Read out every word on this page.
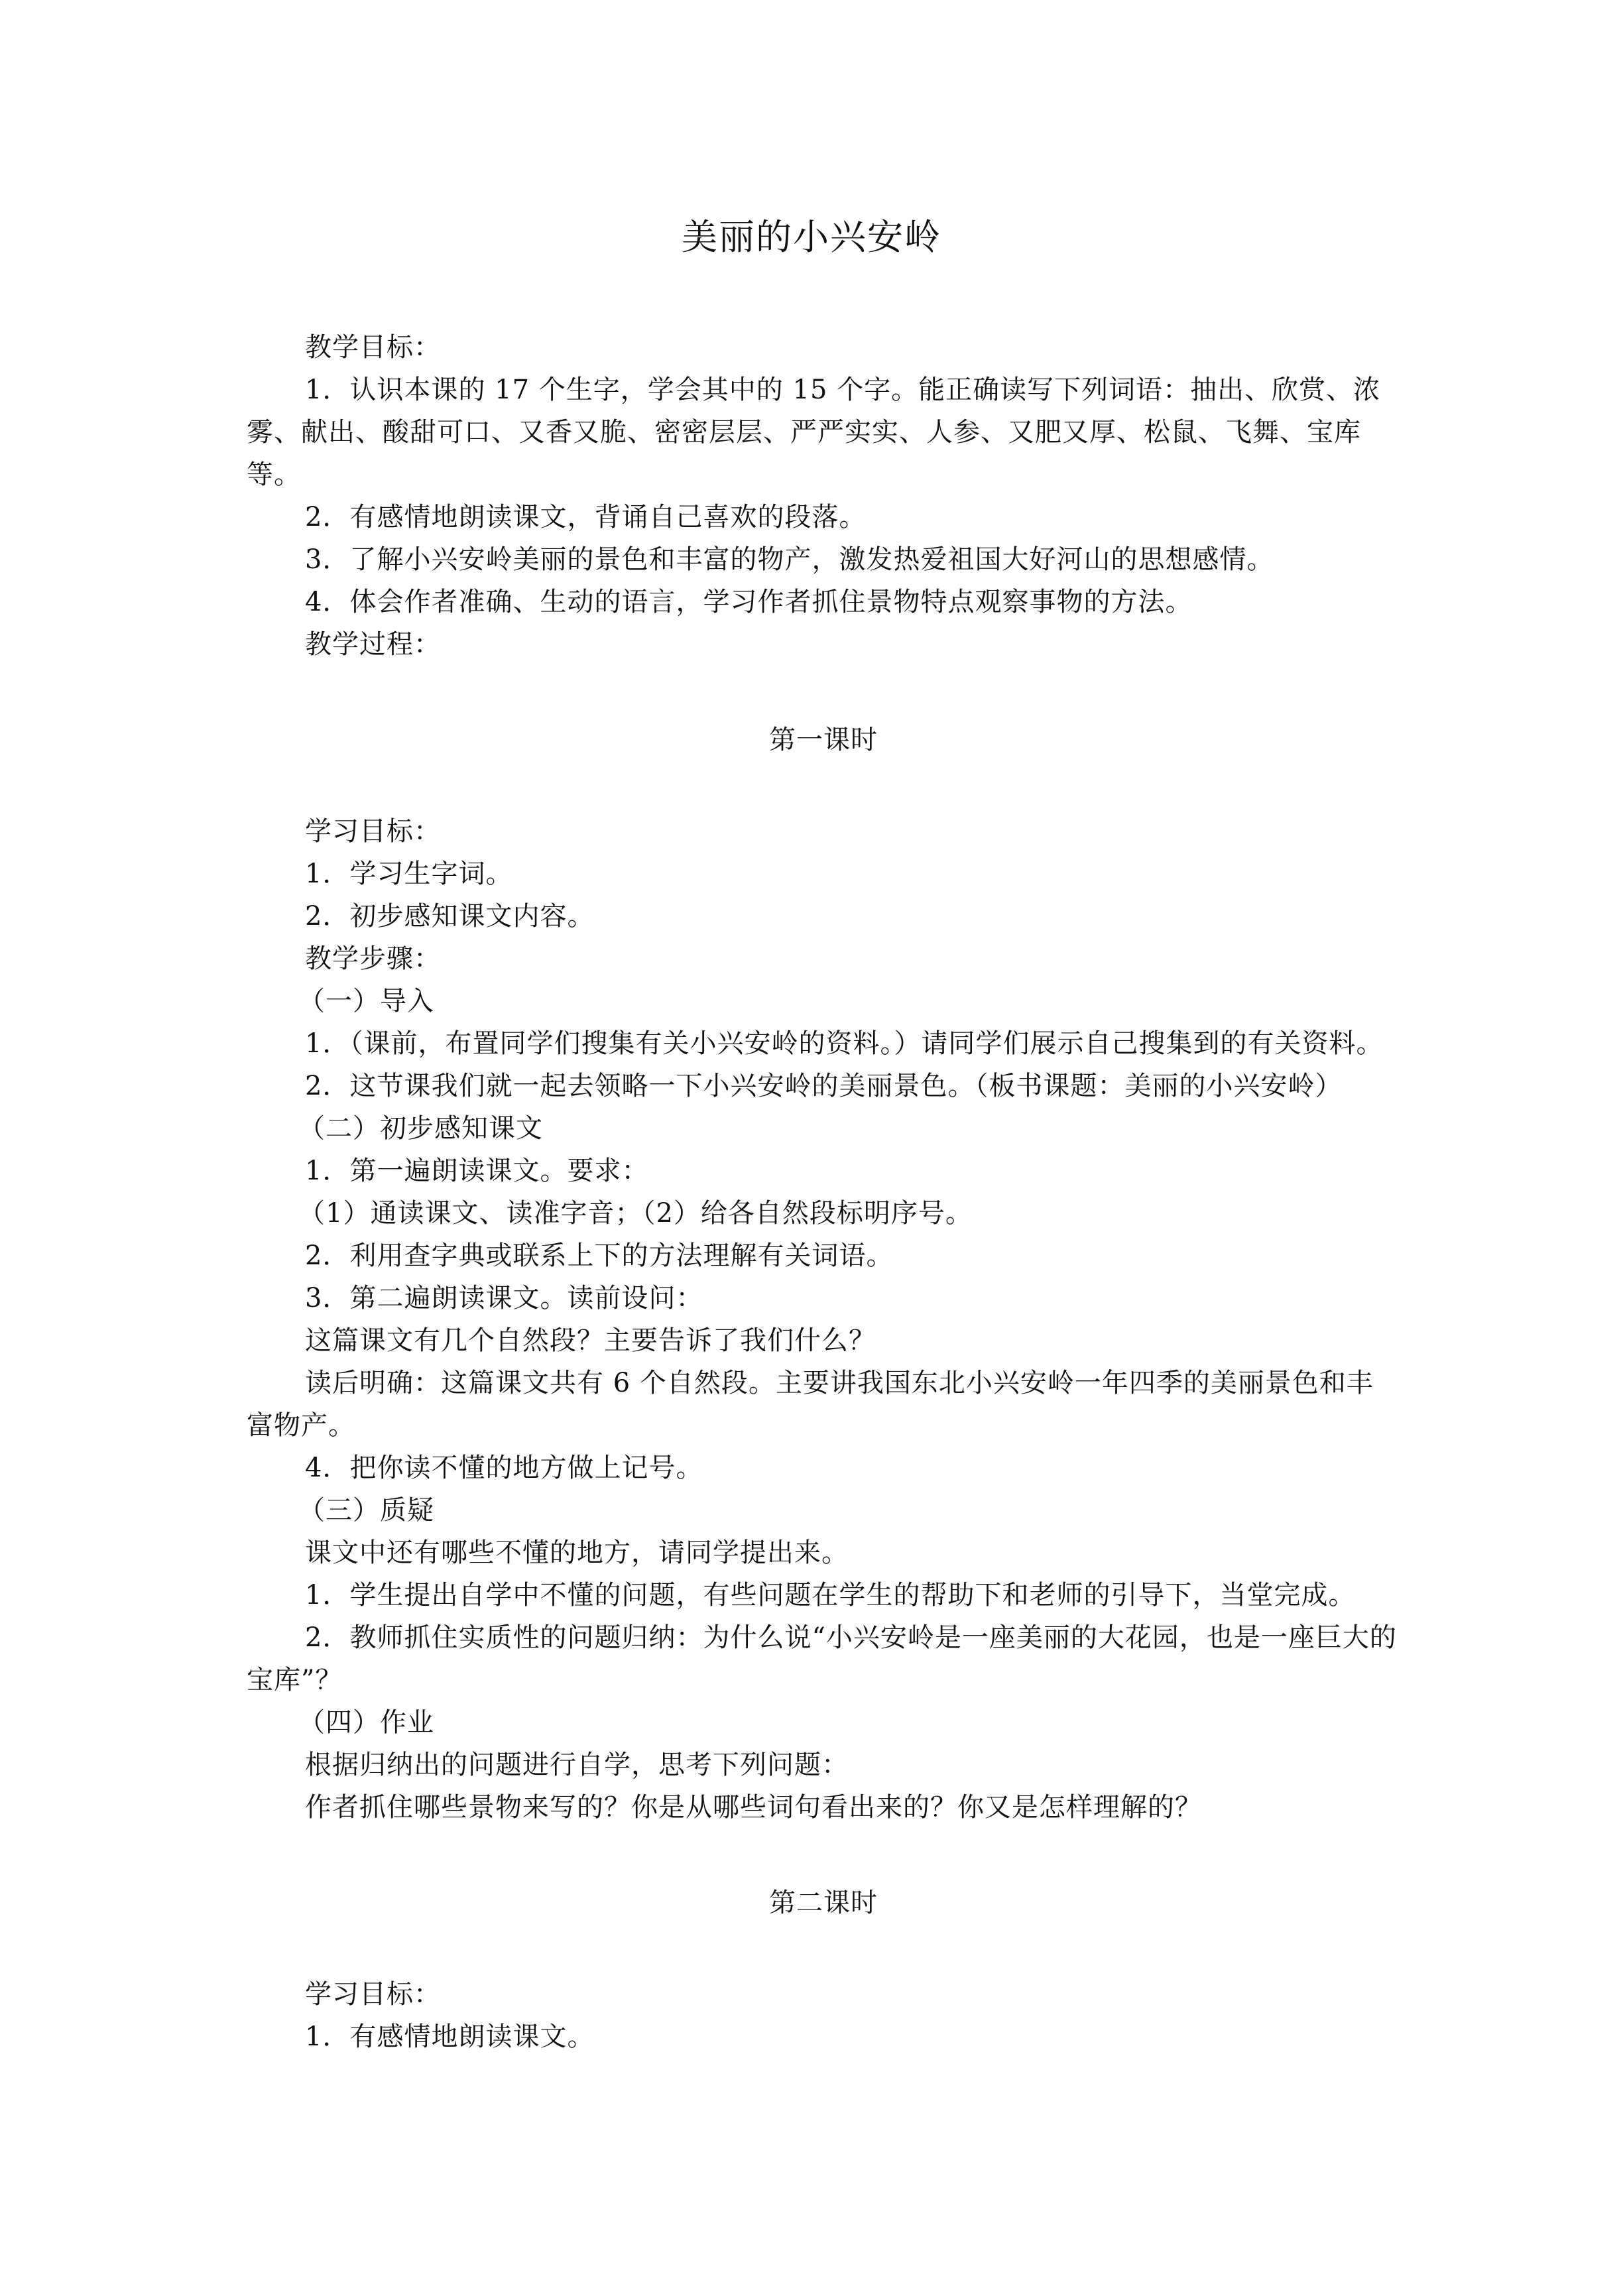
美丽的小兴安岭

教学目标：

1．认识本课的 17 个生字，学会其中的 15 个字。能正确读写下列词语：抽出、欣赏、浓雾、献出、酸甜可口、又香又脆、密密层层、严严实实、人参、又肥又厚、松鼠、飞舞、宝库等。

2．有感情地朗读课文，背诵自己喜欢的段落。

3．了解小兴安岭美丽的景色和丰富的物产，激发热爱祖国大好河山的思想感情。

4．体会作者准确、生动的语言，学习作者抓住景物特点观察事物的方法。

教学过程：

第一课时

学习目标：

1．学习生字词。

2．初步感知课文内容。

教学步骤：

（一）导入

1．（课前，布置同学们搜集有关小兴安岭的资料。）请同学们展示自己搜集到的有关资料。

2．这节课我们就一起去领略一下小兴安岭的美丽景色。（板书课题：美丽的小兴安岭）

（二）初步感知课文

1．第一遍朗读课文。要求：

（1）通读课文、读准字音；（2）给各自然段标明序号。

2．利用查字典或联系上下的方法理解有关词语。

3．第二遍朗读课文。读前设问：

这篇课文有几个自然段？主要告诉了我们什么？

读后明确：这篇课文共有 6 个自然段。主要讲我国东北小兴安岭一年四季的美丽景色和丰富物产。

4．把你读不懂的地方做上记号。

（三）质疑

课文中还有哪些不懂的地方，请同学提出来。

1．学生提出自学中不懂的问题，有些问题在学生的帮助下和老师的引导下，当堂完成。

2．教师抓住实质性的问题归纳：为什么说“小兴安岭是一座美丽的大花园，也是一座巨大的宝库”？

（四）作业

根据归纳出的问题进行自学，思考下列问题：

作者抓住哪些景物来写的？你是从哪些词句看出来的？你又是怎样理解的？

第二课时

学习目标：

1．有感情地朗读课文。
